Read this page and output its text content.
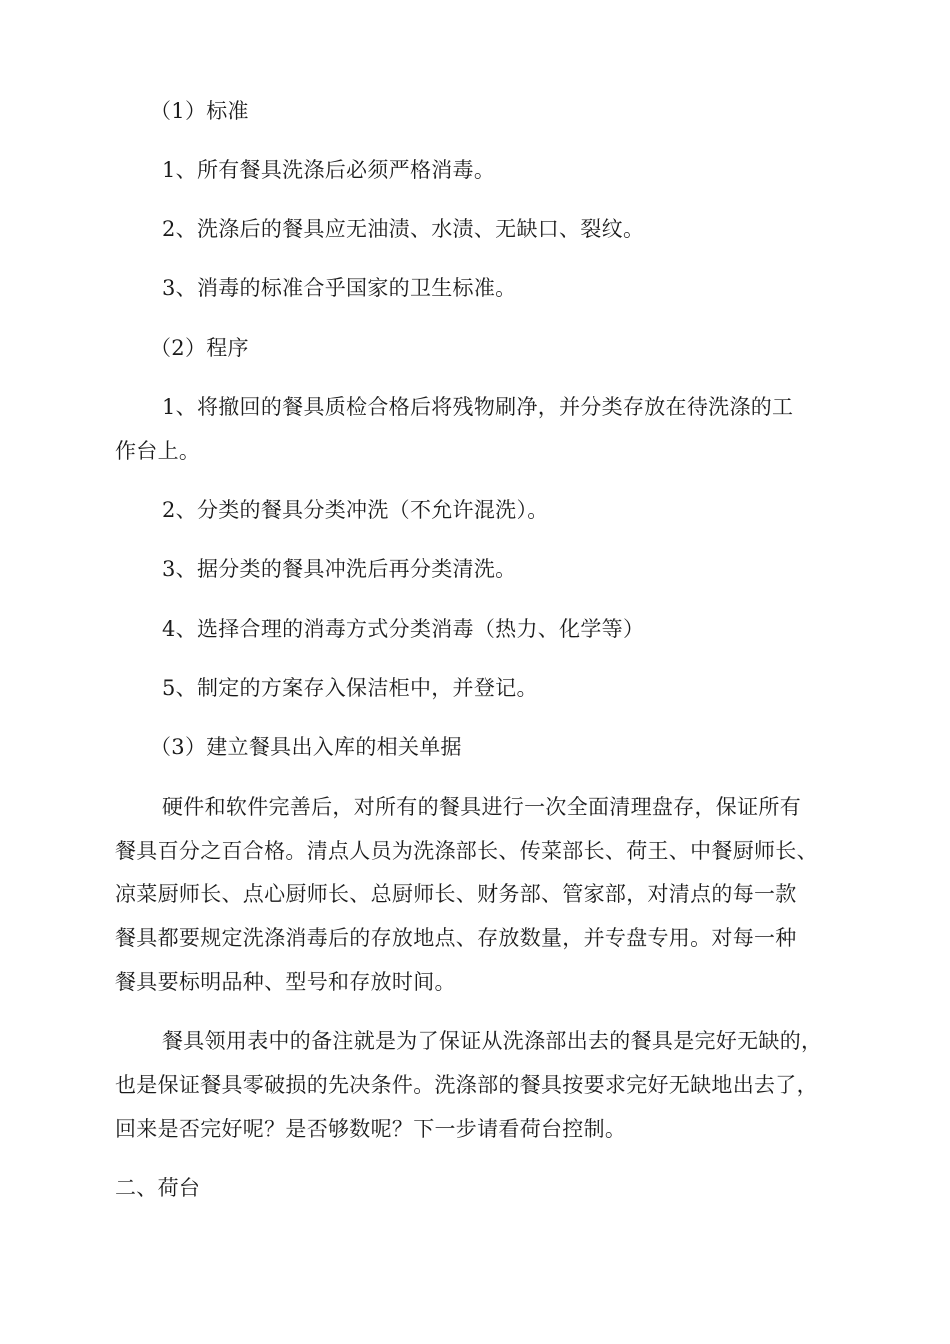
（1）标准
1、所有餐具洗涤后必须严格消毒。
2、洗涤后的餐具应无油渍、水渍、无缺口、裂纹。
3、消毒的标准合乎国家的卫生标准。
（2）程序
1、将撤回的餐具质检合格后将残物刷净，并分类存放在待洗涤的工
作台上。
2、分类的餐具分类冲洗（不允许混洗）。
3、据分类的餐具冲洗后再分类清洗。
4、选择合理的消毒方式分类消毒（热力、化学等）
5、制定的方案存入保洁柜中，并登记。
（3）建立餐具出入库的相关单据
硬件和软件完善后，对所有的餐具进行一次全面清理盘存，保证所有
餐具百分之百合格。清点人员为洗涤部长、传菜部长、荷王、中餐厨师长、
凉菜厨师长、点心厨师长、总厨师长、财务部、管家部，对清点的每一款
餐具都要规定洗涤消毒后的存放地点、存放数量，并专盘专用。对每一种
餐具要标明品种、型号和存放时间。
餐具领用表中的备注就是为了保证从洗涤部出去的餐具是完好无缺的，
也是保证餐具零破损的先决条件。洗涤部的餐具按要求完好无缺地出去了，
回来是否完好呢？是否够数呢？下一步请看荷台控制。
二、荷台
